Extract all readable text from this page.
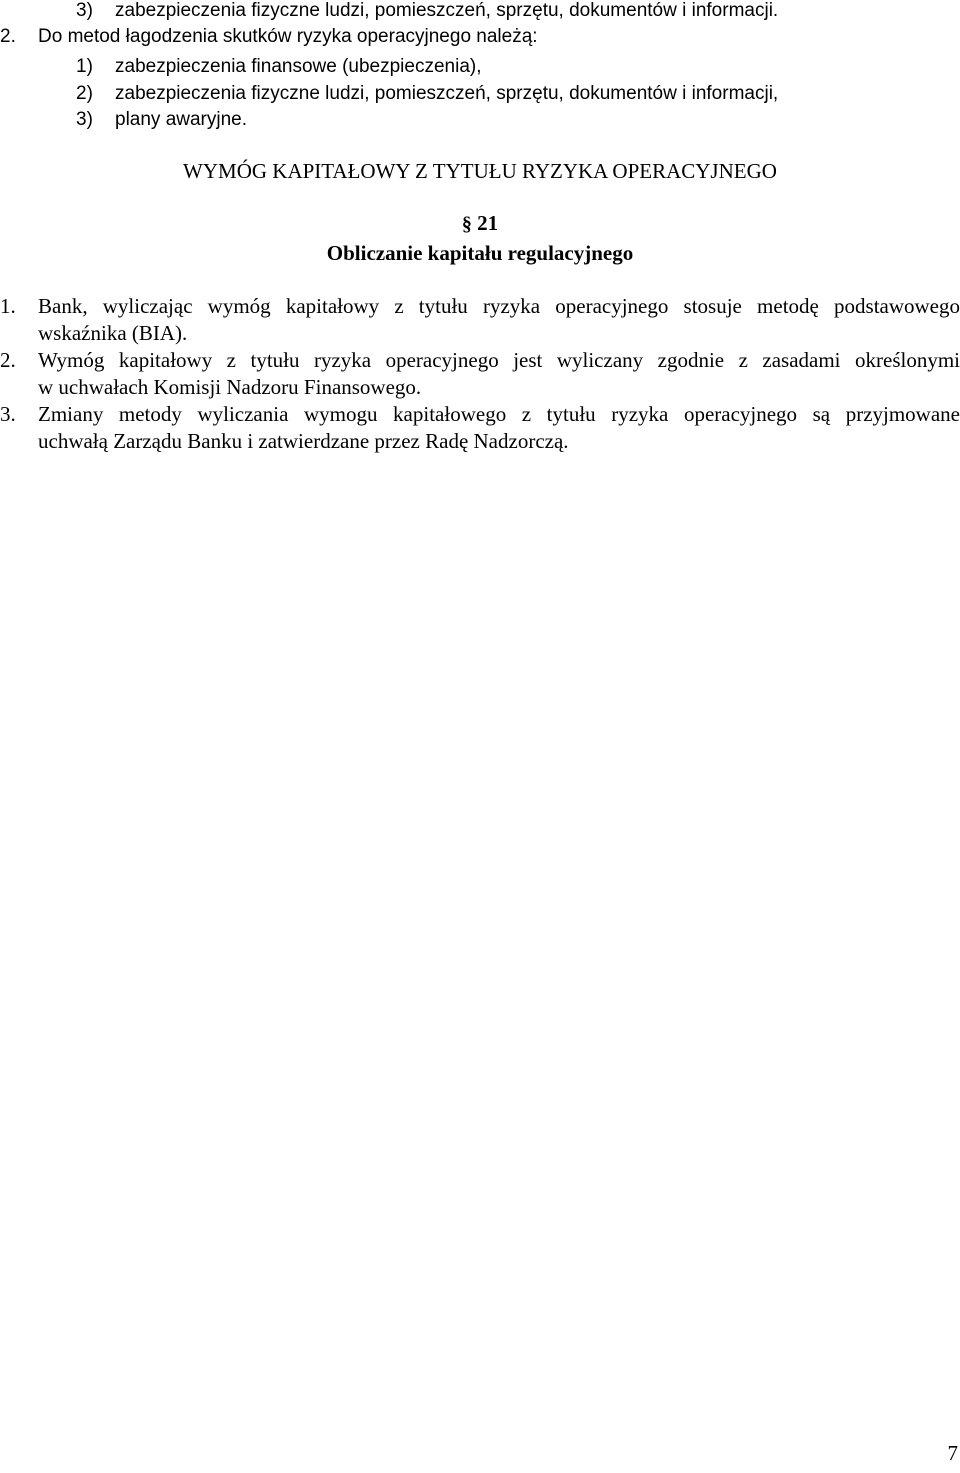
3) zabezpieczenia fizyczne ludzi, pomieszczeń, sprzętu, dokumentów i informacji.
2. Do metod łagodzenia skutków ryzyka operacyjnego należą:
1) zabezpieczenia finansowe (ubezpieczenia),
2) zabezpieczenia fizyczne ludzi, pomieszczeń, sprzętu, dokumentów i informacji,
3) plany awaryjne.
WYMÓG KAPITAŁOWY Z TYTUŁU RYZYKA OPERACYJNEGO
§ 21
Obliczanie kapitału regulacyjnego
1. Bank, wyliczając wymóg kapitałowy z tytułu ryzyka operacyjnego stosuje metodę podstawowego
wskaźnika (BIA).
2. Wymóg kapitałowy z tytułu ryzyka operacyjnego jest wyliczany zgodnie z zasadami określonymi
w uchwałach Komisji Nadzoru Finansowego.
3. Zmiany metody wyliczania wymogu kapitałowego z tytułu ryzyka operacyjnego są przyjmowane
uchwałą Zarządu Banku i zatwierdzane przez Radę Nadzorczą.
7
